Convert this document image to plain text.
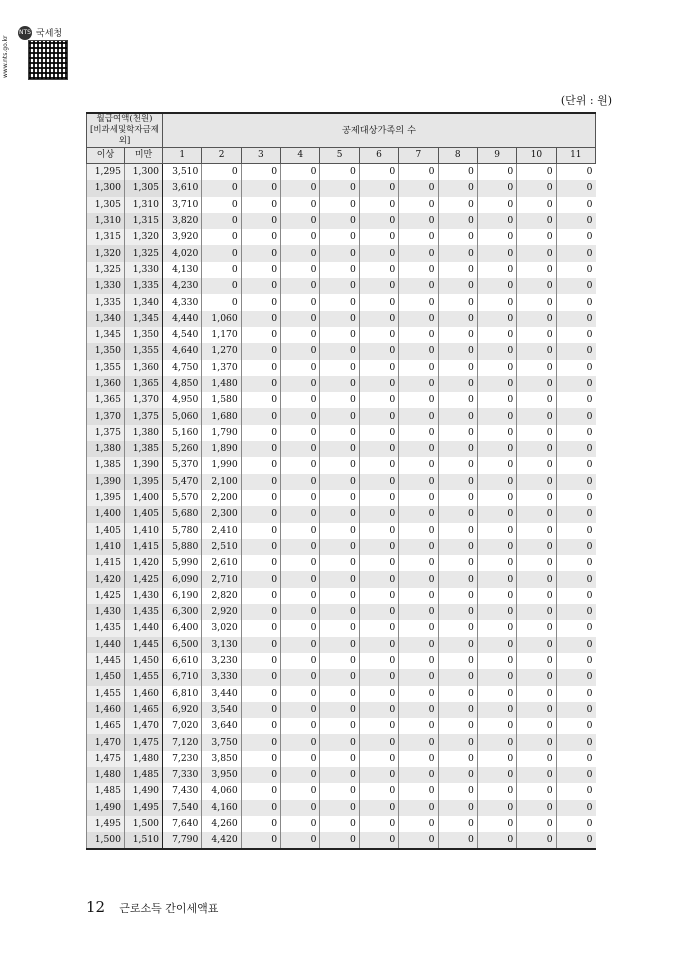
NTS 국세청
www.nts.go.kr
(단위 : 원)
월급여액(천원)
[비과세및학자금제외]		공제대상가족의 수										
이상	미만	1	2	3	4	5	6	7	8	9	10	11
1,295	1,300	3,510	0	0	0	0	0	0	0	0	0	0
1,300	1,305	3,610	0	0	0	0	0	0	0	0	0	0
1,305	1,310	3,710	0	0	0	0	0	0	0	0	0	0
1,310	1,315	3,820	0	0	0	0	0	0	0	0	0	0
1,315	1,320	3,920	0	0	0	0	0	0	0	0	0	0
1,320	1,325	4,020	0	0	0	0	0	0	0	0	0	0
1,325	1,330	4,130	0	0	0	0	0	0	0	0	0	0
1,330	1,335	4,230	0	0	0	0	0	0	0	0	0	0
1,335	1,340	4,330	0	0	0	0	0	0	0	0	0	0
1,340	1,345	4,440	1,060	0	0	0	0	0	0	0	0	0
1,345	1,350	4,540	1,170	0	0	0	0	0	0	0	0	0
1,350	1,355	4,640	1,270	0	0	0	0	0	0	0	0	0
1,355	1,360	4,750	1,370	0	0	0	0	0	0	0	0	0
1,360	1,365	4,850	1,480	0	0	0	0	0	0	0	0	0
1,365	1,370	4,950	1,580	0	0	0	0	0	0	0	0	0
1,370	1,375	5,060	1,680	0	0	0	0	0	0	0	0	0
1,375	1,380	5,160	1,790	0	0	0	0	0	0	0	0	0
1,380	1,385	5,260	1,890	0	0	0	0	0	0	0	0	0
1,385	1,390	5,370	1,990	0	0	0	0	0	0	0	0	0
1,390	1,395	5,470	2,100	0	0	0	0	0	0	0	0	0
1,395	1,400	5,570	2,200	0	0	0	0	0	0	0	0	0
1,400	1,405	5,680	2,300	0	0	0	0	0	0	0	0	0
1,405	1,410	5,780	2,410	0	0	0	0	0	0	0	0	0
1,410	1,415	5,880	2,510	0	0	0	0	0	0	0	0	0
1,415	1,420	5,990	2,610	0	0	0	0	0	0	0	0	0
1,420	1,425	6,090	2,710	0	0	0	0	0	0	0	0	0
1,425	1,430	6,190	2,820	0	0	0	0	0	0	0	0	0
1,430	1,435	6,300	2,920	0	0	0	0	0	0	0	0	0
1,435	1,440	6,400	3,020	0	0	0	0	0	0	0	0	0
1,440	1,445	6,500	3,130	0	0	0	0	0	0	0	0	0
1,445	1,450	6,610	3,230	0	0	0	0	0	0	0	0	0
1,450	1,455	6,710	3,330	0	0	0	0	0	0	0	0	0
1,455	1,460	6,810	3,440	0	0	0	0	0	0	0	0	0
1,460	1,465	6,920	3,540	0	0	0	0	0	0	0	0	0
1,465	1,470	7,020	3,640	0	0	0	0	0	0	0	0	0
1,470	1,475	7,120	3,750	0	0	0	0	0	0	0	0	0
1,475	1,480	7,230	3,850	0	0	0	0	0	0	0	0	0
1,480	1,485	7,330	3,950	0	0	0	0	0	0	0	0	0
1,485	1,490	7,430	4,060	0	0	0	0	0	0	0	0	0
1,490	1,495	7,540	4,160	0	0	0	0	0	0	0	0	0
1,495	1,500	7,640	4,260	0	0	0	0	0	0	0	0	0
1,500	1,510	7,790	4,420	0	0	0	0	0	0	0	0	0
12 근로소득 간이세액표
